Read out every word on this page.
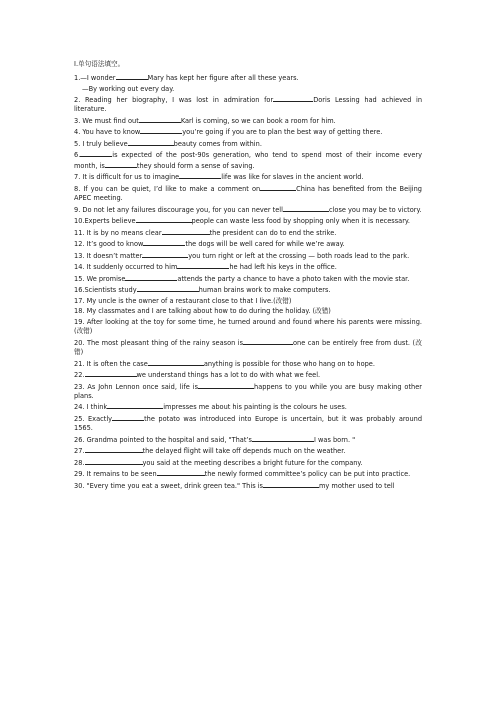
I.单句语法填空。
1.—I wonder	Mary has kept her figure after all these years.
—By working out every day.
2. Reading her biography, I was lost in admiration for	Doris Lessing had achieved in literature.
3. We must find out	Karl is coming, so we can book a room for him.
4. You have to know	you’re going if you are to plan the best way of getting there.
5. I truly believe	beauty comes from within.
6.	is expected of the post-90s generation, who tend to spend most of their income every month, is	they should form a sense of saving.
7. It is difficult for us to imagine	life was like for slaves in the ancient world.
8. If you can be quiet, I’d like to make a comment on	China has benefited from the Beijing APEC meeting.
9. Do not let any failures discourage you, for you can never tell	close you may be to victory.
10.Experts believe	people can waste less food by shopping only when it is necessary.
11. It is by no means clear	the president can do to end the strike.
12. It’s good to know	the dogs will be well cared for while we’re away.
13. It doesn’t matter	you turn right or left at the crossing — both roads lead to the park.
14. It suddenly occurred to him	he had left his keys in the office.
15. We promise	attends the party a chance to have a photo taken with the movie star.
16.Scientists study	human brains work to make computers.
17. My uncle is the owner of a restaurant close to that I live.(改错)
18. My classmates and I are talking about how to do during the holiday. (改错)
19. After looking at the toy for some time, he turned around and found where his parents were missing. (改错)
20. The most pleasant thing of the rainy season is	one can be entirely free from dust. (改错)
21. It is often the case	anything is possible for those who hang on to hope.
22.	we understand things has a lot to do with what we feel.
23. As John Lennon once said, life is	happens to you while you are busy making other plans.
24. I think	impresses me about his painting is the colours he uses.
25. Exactly	the potato was introduced into Europe is uncertain, but it was probably around 1565.
26. Grandma pointed to the hospital and said, "That’s	I was born. "
27.	the delayed flight will take off depends much on the weather.
28.	you said at the meeting describes a bright future for the company.
29. It remains to be seen	the newly formed committee’s policy can be put into practice.
30. "Every time you eat a sweet, drink green tea." This is	my mother used to tell
